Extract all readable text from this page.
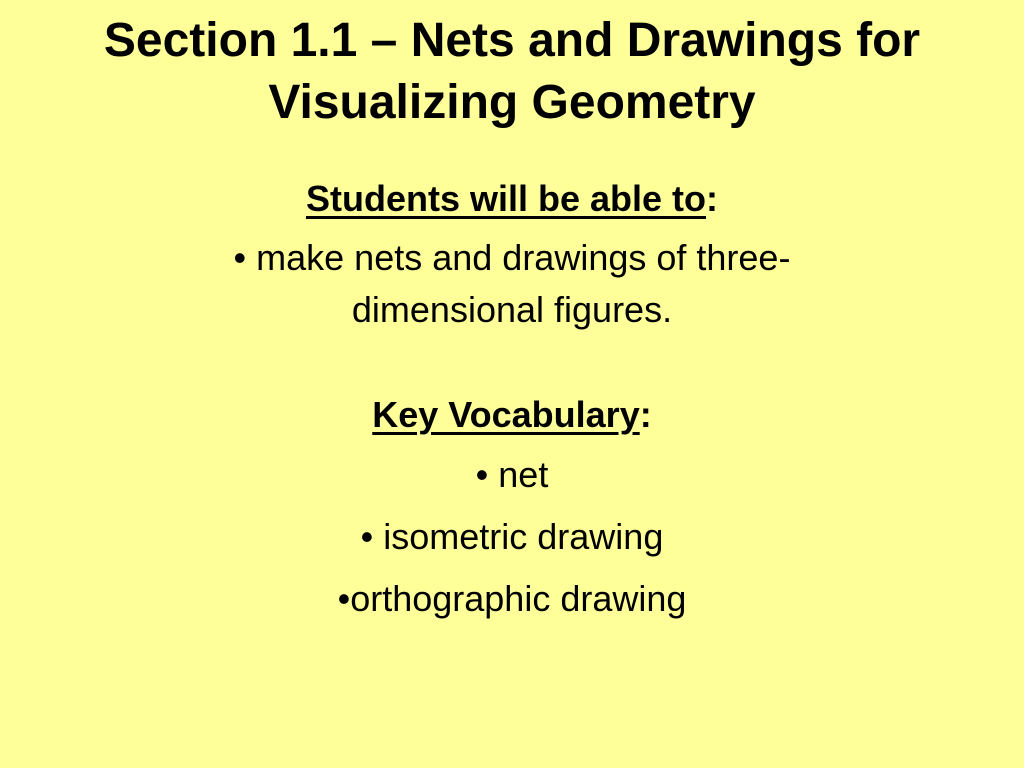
Section 1.1 – Nets and Drawings for
Visualizing Geometry
Students will be able to:
• make nets and drawings of three-
dimensional figures.
Key Vocabulary:
• net
• isometric drawing
•orthographic drawing
